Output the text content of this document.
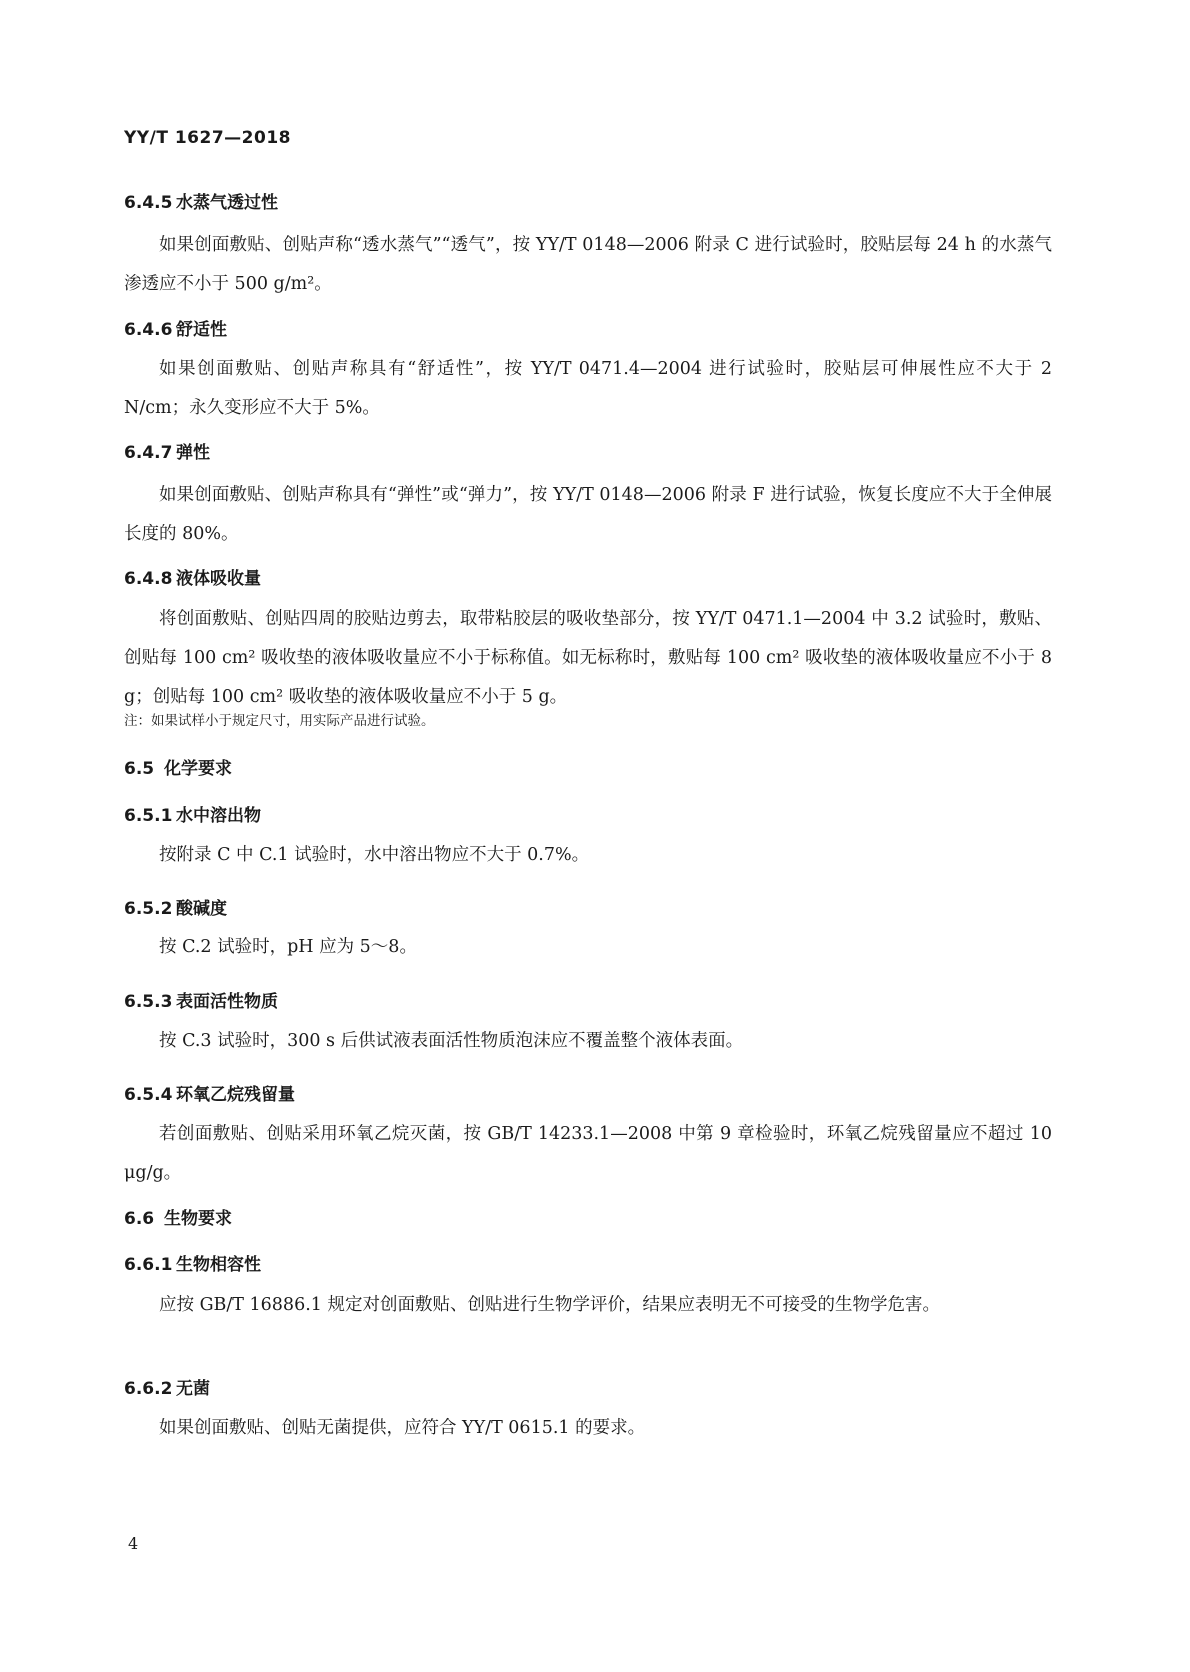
YY/T 1627—2018
6.4.5 水蒸气透过性

如果创面敷贴、创贴声称“透水蒸气”“透气”，按 YY/T 0148—2006 附录 C 进行试验时，胶贴层每 24 h 的水蒸气渗透应不小于 500 g/m²。

6.4.6 舒适性

如果创面敷贴、创贴声称具有“舒适性”，按 YY/T 0471.4—2004 进行试验时，胶贴层可伸展性应不大于 2 N/cm；永久变形应不大于 5%。

6.4.7 弹性

如果创面敷贴、创贴声称具有“弹性”或“弹力”，按 YY/T 0148—2006 附录 F 进行试验，恢复长度应不大于全伸展长度的 80%。

6.4.8 液体吸收量

将创面敷贴、创贴四周的胶贴边剪去，取带粘胶层的吸收垫部分，按 YY/T 0471.1—2004 中 3.2 试验时，敷贴、创贴每 100 cm² 吸收垫的液体吸收量应不小于标称值。如无标称时，敷贴每 100 cm² 吸收垫的液体吸收量应不小于 8 g；创贴每 100 cm² 吸收垫的液体吸收量应不小于 5 g。

注：如果试样小于规定尺寸，用实际产品进行试验。
6.5 化学要求
6.5.1 水中溶出物

按附录 C 中 C.1 试验时，水中溶出物应不大于 0.7%。

6.5.2 酸碱度

按 C.2 试验时，pH 应为 5～8。

6.5.3 表面活性物质

按 C.3 试验时，300 s 后供试液表面活性物质泡沫应不覆盖整个液体表面。

6.5.4 环氧乙烷残留量

若创面敷贴、创贴采用环氧乙烷灭菌，按 GB/T 14233.1—2008 中第 9 章检验时，环氧乙烷残留量应不超过 10 μg/g。

6.6 生物要求
6.6.1 生物相容性

应按 GB/T 16886.1 规定对创面敷贴、创贴进行生物学评价，结果应表明无不可接受的生物学危害。

6.6.2 无菌

如果创面敷贴、创贴无菌提供，应符合 YY/T 0615.1 的要求。

4
